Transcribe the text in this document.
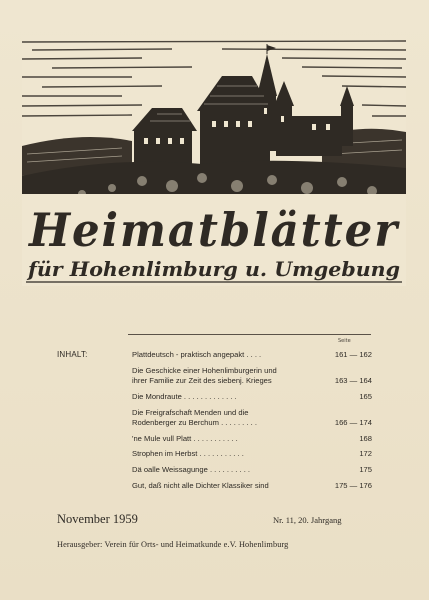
Heimatblätter
für Hohenlimburg u. Umgebung
Seite
INHALT:	Plattdeutsch - praktisch angepakt . . . .	161 — 162
Die Geschicke einer Hohenlimburgerin und
ihrer Familie zur Zeit des siebenj. Krieges	163 — 164
Die Mondraute . . . . . . . . . . . . .	165
Die Freigrafschaft Menden und die
Rodenberger zu Berchum . . . . . . . . .	166 — 174
'ne Mule vull Platt . . . . . . . . . . .	168
Strophen im Herbst . . . . . . . . . . .	172
Dä oalle Weissagunge . . . . . . . . . .	175
Gut, daß nicht alle Dichter Klassiker sind	175 — 176
November 1959	Nr. 11, 20. Jahrgang
Herausgeber: Verein für Orts- und Heimatkunde e.V. Hohenlimburg
